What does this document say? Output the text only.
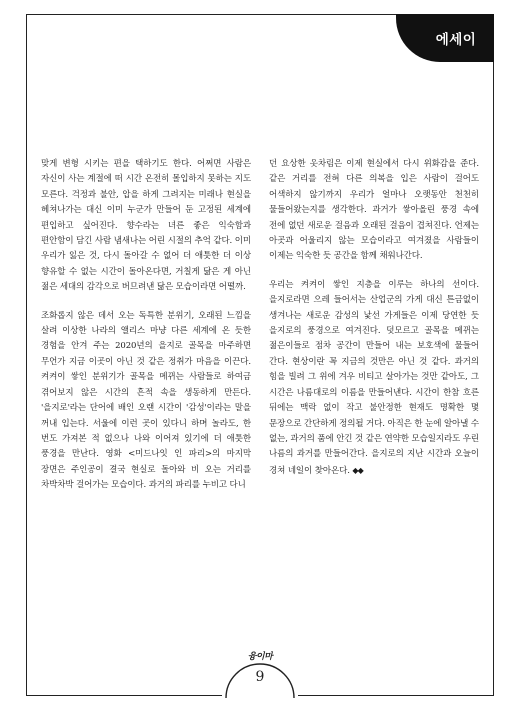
에세이

맞게 변형 시키는 편을 택하기도 한다. 어쩌면 사람은 자신이 사는 계절에 떠 시간 온전히 몰입하지 못하는 지도 모른다. 걱정과 불안, 압을 하게 그려지는 미래나 현실을 헤쳐나가는 대신 이미 누군가 만들어 둔 고정된 세계에 편입하고 싶어진다. 향수라는 녀른 좋은 익숙함과 편안함이 담긴 사람 냄새나는 어린 시절의 추억 같다. 이미 우리가 잃은 것, 다시 돌아갈 수 없어 더 애틋한 더 이상 향유할 수 없는 시간이 돌아온다면, 거칠게 닮은 게 아닌 젊은 세대의 감각으로 버므려낸 닮은 모습이라면 어떨까.

조화롭지 않은 데서 오는 독특한 분위기, 오래된 느낌을 살려 이상한 나라의 앨리스 마냥 다른 세계에 온 듯한 경험을 안겨 주는 2020년의 을지로 골목을 마주하면 무언가 지금 이곳이 아닌 것 같은 정취가 마음을 이끈다. 켜켜이 쌓인 분위기가 골목을 메뀌는 사람들로 하여금 겪어보지 않은 시간의 흔적 속을 생동하게 만든다. '을지로'라는 단어에 배인 오랜 시간이 '감성'이라는 말을 꺼내 입는다. 서울에 이런 곳이 있다니 하며 놀라도, 한 번도 가져본 적 없으나 나와 이어져 있기에 더 애틋한 풍경을 만난다. 영화 <미드나잇 인 파리>의 마지막 장면은 주인공이 결국 현실로 돌아와 비 오는 거리를 차박차박 걸어가는 모습이다. 과거의 파리를 누비고 다니

던 요상한 옷차림은 이제 현실에서 다시 위화감을 준다. 같은 거리를 전혀 다른 의복을 입은 사람이 걸어도 어색하지 않기까지 우리가 얼마나 오랫동안 천천히 물들어왔는지를 생각한다. 과거가 쌓아올린 풍경 속에 전에 없던 새로운 걸음과 오래된 걸음이 겹쳐진다. 언제는 아곳과 어울리지 않는 모습이라고 여겨졌을 사람들이 이제는 익숙한 듯 공간을 함께 채워나간다.

우리는 켜켜이 쌓인 지층을 이루는 하나의 선이다. 을지로라면 으레 들어서는 산업군의 가게 대신 튼금없이 생겨나는 새로운 감성의 낯선 가게들은 이제 당연한 듯 을지로의 풍경으로 여겨진다. 덧모르고 골목을 메뀌는 젊은이들로 점차 공간이 만들어 내는 보호색에 물들어 간다. 현상이란 꼭 지금의 것만은 아닌 것 같다. 과거의 힘을 빌려 그 위에 겨우 비티고 살아가는 것만 같아도, 그 시간은 나름대로의 이름을 만들어낸다. 시간이 한참 흐른 뒤에는 맥락 없이 작고 불안정한 현재도 명확한 몇 문장으로 간단하게 정의될 거다. 아직은 한 눈에 알아낼 수 없는, 과거의 품에 안긴 것 같은 연약한 모습일지라도 우린 나름의 과거를 만들어간다. 을지로의 지난 시간과 오늘이 경쳐 네일이 찾아온다. ◆◆

융이마
9
